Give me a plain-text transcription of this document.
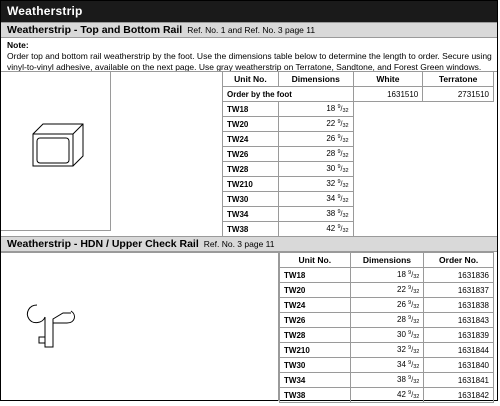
Weatherstrip
Weatherstrip - Top and Bottom Rail Ref. No. 1 and Ref. No. 3 page 11
Note:
Order top and bottom rail weatherstrip by the foot. Use the dimensions table below to determine the length to order. Secure using vinyl-to-vinyl adhesive, available on the next page. Use gray weatherstrip on Terratone, Sandtone, and Forest Green windows.
Unit No.	Dimensions	White	Terratone
Order by the foot		1631510	2731510
TW18	18 $^9/_{32}$
TW20	22 $^9/_{32}$
TW24	26 $^9/_{32}$
TW26	28 $^9/_{32}$
TW28	30 $^9/_{32}$
TW210	32 $^9/_{32}$
TW30	34 $^9/_{32}$
TW34	38 $^9/_{32}$
TW38	42 $^9/_{32}$
Weatherstrip - HDN / Upper Check Rail Ref. No. 3 page 11
Unit No.	Dimensions	Order No.
TW18	18 $^9/_{32}$	1631836
TW20	22 $^9/_{32}$	1631837
TW24	26 $^9/_{32}$	1631838
TW26	28 $^9/_{32}$	1631843
TW28	30 $^9/_{32}$	1631839
TW210	32 $^9/_{32}$	1631844
TW30	34 $^9/_{32}$	1631840
TW34	38 $^9/_{32}$	1631841
TW38	42 $^9/_{32}$	1631842
